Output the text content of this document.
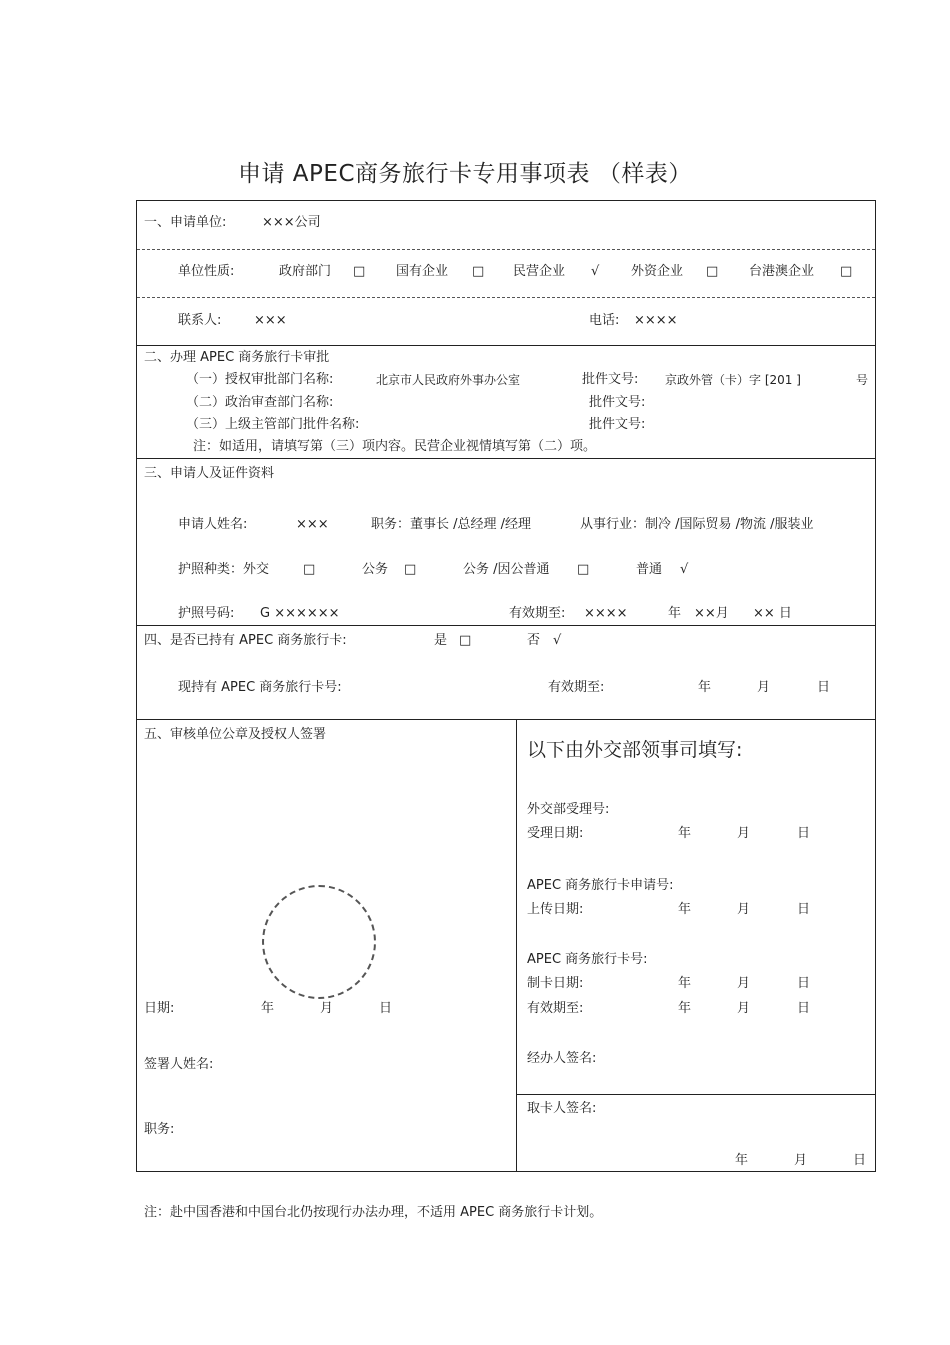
申请 APEC商务旅行卡专用事项表 （样表）
一、申请单位:	×××公司
单位性质:	政府部门 □ 国有企业 □ 民营企业 √ 外资企业 □ 台港澳企业 □
联系人:	×××	电话: ××××
二、办理 APEC 商务旅行卡审批
（一）授权审批部门名称:	北京市人民政府外事办公室	批件文号: 京政外管（卡）字 [201 ]	号
（二）政治审查部门名称:	批件文号:
（三）上级主管部门批件名称:	批件文号:
注：如适用，请填写第（三）项内容。民营企业视情填写第（二）项。
三、申请人及证件资料
申请人姓名:	×××	职务：董事长 /总经理 /经理	从事行业：制冷 /国际贸易 /物流 /服装业
护照种类：外交	□	公务 □	公务 /因公普通 □	普通 √
护照号码: G ××××××	有效期至: ××××	年 ××月 ×× 日
四、是否已持有 APEC 商务旅行卡:	是 □	否 √
现持有 APEC 商务旅行卡号:	有效期至:	年	月	日
五、审核单位公章及授权人签署
日期:	年	月	日
签署人姓名:
职务:
以下由外交部领事司填写:
外交部受理号:
受理日期:	年	月	日
APEC 商务旅行卡申请号:
上传日期:	年	月	日
APEC 商务旅行卡号:
制卡日期:	年	月	日
有效期至:	年	月	日
经办人签名:
取卡人签名:
年	月	日
注：赴中国香港和中国台北仍按现行办法办理，不适用 APEC 商务旅行卡计划。
